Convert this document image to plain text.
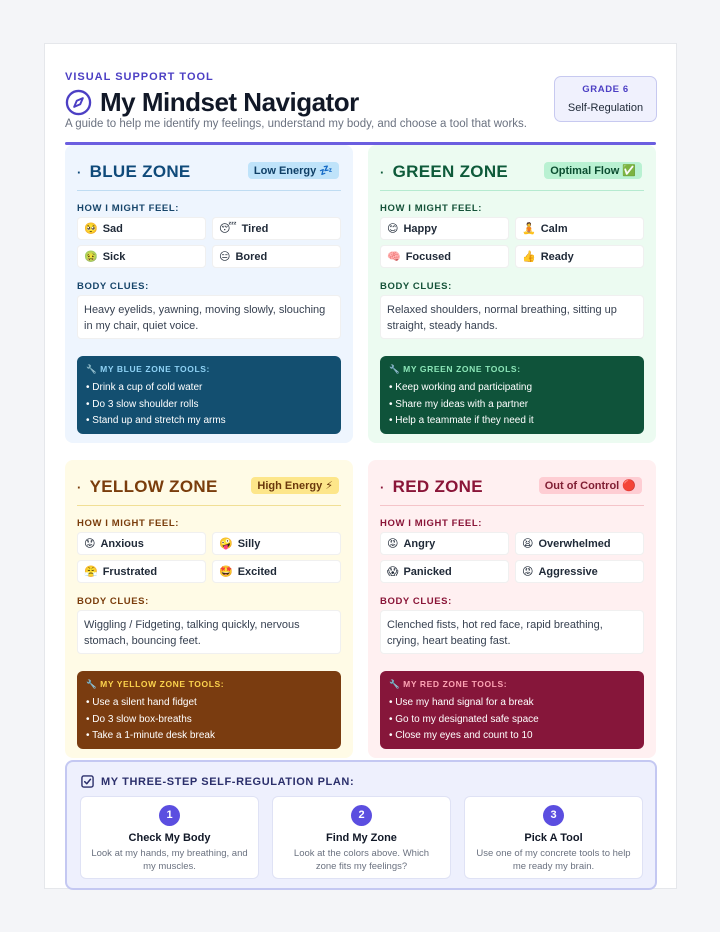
VISUAL SUPPORT TOOL
My Mindset Navigator
A guide to help me identify my feelings, understand my body, and choose a tool that works.
GRADE 6
Self-Regulation
· BLUE ZONE	Low Energy 💤
HOW I MIGHT FEEL:
🥺 Sad	😴 Tired
🤢 Sick	😑 Bored
BODY CLUES:
Heavy eyelids, yawning, moving slowly, slouching in my chair, quiet voice.
🔧 MY BLUE ZONE TOOLS:
• Drink a cup of cold water
• Do 3 slow shoulder rolls
• Stand up and stretch my arms
· GREEN ZONE	Optimal Flow ✅
HOW I MIGHT FEEL:
😊 Happy	🧘 Calm
🧠 Focused	👍 Ready
BODY CLUES:
Relaxed shoulders, normal breathing, sitting up straight, steady hands.
🔧 MY GREEN ZONE TOOLS:
• Keep working and participating
• Share my ideas with a partner
• Help a teammate if they need it
· YELLOW ZONE	High Energy ⚡
HOW I MIGHT FEEL:
😟 Anxious	🤪 Silly
😤 Frustrated	🤩 Excited
BODY CLUES:
Wiggling / Fidgeting, talking quickly, nervous stomach, bouncing feet.
🔧 MY YELLOW ZONE TOOLS:
• Use a silent hand fidget
• Do 3 slow box-breaths
• Take a 1-minute desk break
· RED ZONE	Out of Control 🔴
HOW I MIGHT FEEL:
😡 Angry	😫 Overwhelmed
😱 Panicked	😡 Aggressive
BODY CLUES:
Clenched fists, hot red face, rapid breathing, crying, heart beating fast.
🔧 MY RED ZONE TOOLS:
• Use my hand signal for a break
• Go to my designated safe space
• Close my eyes and count to 10
MY THREE-STEP SELF-REGULATION PLAN:
1
Check My Body
Look at my hands, my breathing, and my muscles.
2
Find My Zone
Look at the colors above. Which zone fits my feelings?
3
Pick A Tool
Use one of my concrete tools to help me ready my brain.
